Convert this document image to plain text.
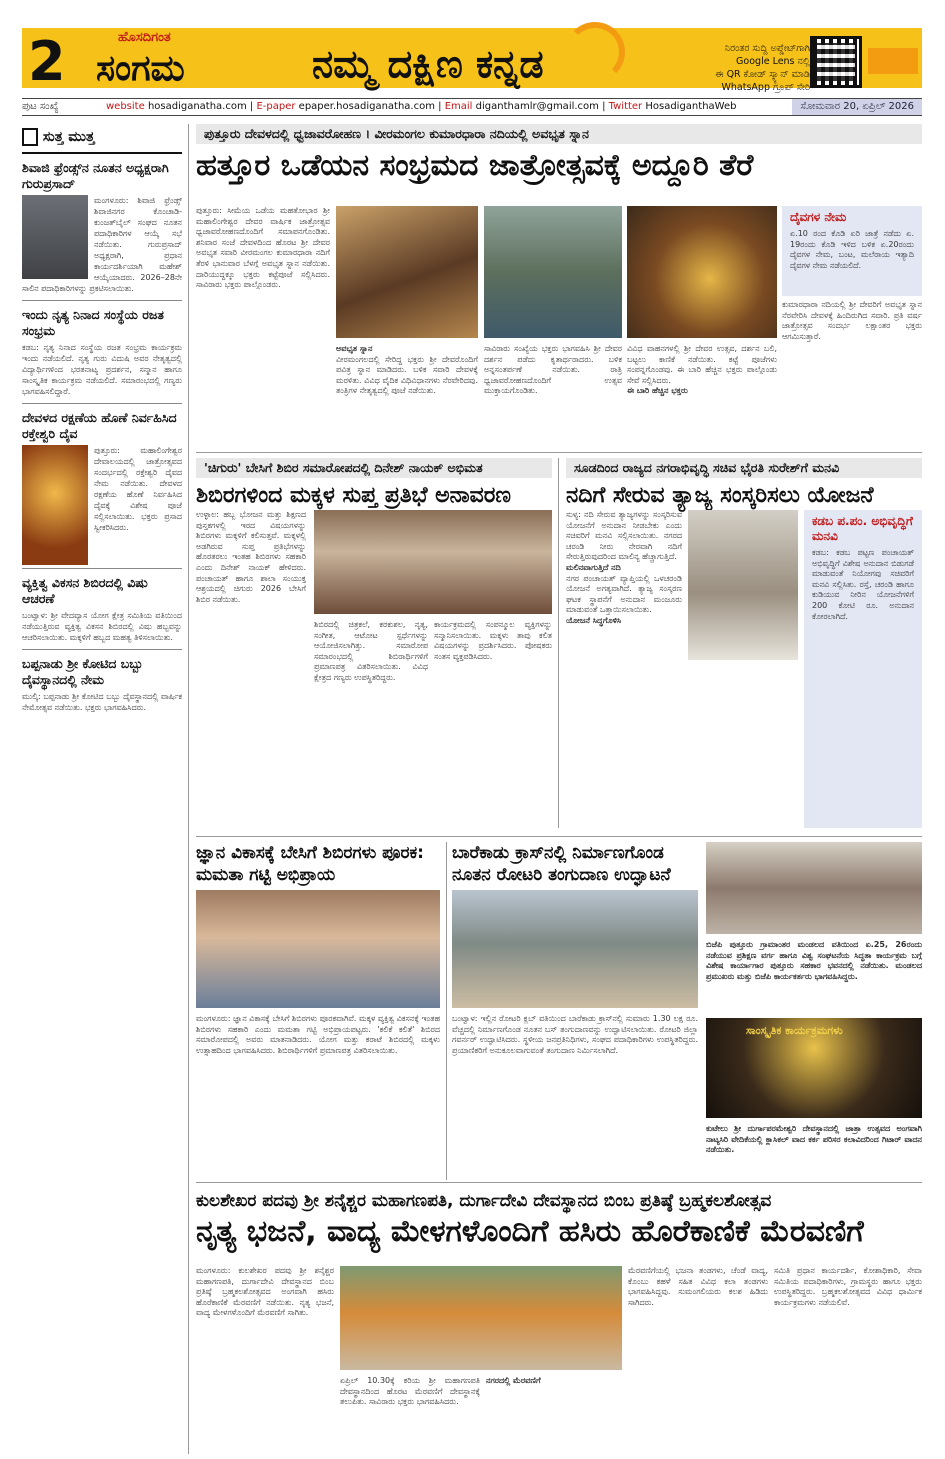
2	ಹೊಸದಿಗಂತ
ಸಂಗಮ	ನಮ್ಮ ದಕ್ಷಿಣ ಕನ್ನಡ	ನಿರಂತರ ಸುದ್ದಿ ಅಪ್ಡೇಟ್‌ಗಾಗಿ
Google Lens ನಲ್ಲಿ
ಈ QR ಕೋಡ್ ಸ್ಕ್ಯಾನ್ ಮಾಡಿ
WhatsApp ಗ್ರೂಪ್ ಸೇರಿ
ಪುಟ ಸಂಖ್ಯೆ	website hosadiganatha.com | E-paper epaper.hosadiganatha.com | Email diganthamlr@gmail.com | Twitter HosadiganthaWeb	ಸೋಮವಾರ 20, ಏಪ್ರಿಲ್ 2026
ಸುತ್ತ ಮುತ್ತ
ಶಿವಾಜಿ ಫ್ರೆಂಡ್ಸ್‌ನ ನೂತನ ಅಧ್ಯಕ್ಷರಾಗಿ ಗುರುಪ್ರಸಾದ್
ಮಂಗಳೂರು: ಶಿವಾಜಿ ಫ್ರೆಂಡ್ಸ್ ಶಿವಾಜಿನಗರ ಕೊಂಚಾಡಿ-ಕುಂಜತ್‌ಬೈಲ್ ಸಂಘದ ನೂತನ ಪದಾಧಿಕಾರಿಗಳ ಆಯ್ಕೆ ಸಭೆ ನಡೆಯಿತು. ಗುರುಪ್ರಸಾದ್ ಅಧ್ಯಕ್ಷರಾಗಿ, ಪ್ರಧಾನ ಕಾರ್ಯದರ್ಶಿಯಾಗಿ ಮಹೇಶ್ ಆಯ್ಕೆಯಾದರು. 2026–28ನೇ ಸಾಲಿನ ಪದಾಧಿಕಾರಿಗಳನ್ನು ಪ್ರಕಟಿಸಲಾಯಿತು.
ಇಂದು ನೃತ್ಯ ನಿನಾದ ಸಂಸ್ಥೆಯ ರಜತ ಸಂಭ್ರಮ
ಕಡಬ: ನೃತ್ಯ ನಿನಾದ ಸಂಸ್ಥೆಯ ರಜತ ಸಂಭ್ರಮ ಕಾರ್ಯಕ್ರಮ ಇಂದು ನಡೆಯಲಿದೆ. ನೃತ್ಯ ಗುರು ವಿದುಷಿ ಅವರ ನೇತೃತ್ವದಲ್ಲಿ ವಿದ್ಯಾರ್ಥಿಗಳಿಂದ ಭರತನಾಟ್ಯ ಪ್ರದರ್ಶನ, ಸನ್ಮಾನ ಹಾಗೂ ಸಾಂಸ್ಕೃತಿಕ ಕಾರ್ಯಕ್ರಮ ನಡೆಯಲಿದೆ. ಸಮಾರಂಭದಲ್ಲಿ ಗಣ್ಯರು ಭಾಗವಹಿಸಲಿದ್ದಾರೆ.
ದೇವಳದ ರಕ್ಷಣೆಯ ಹೊಣೆ ನಿರ್ವಹಿಸಿದ ರಕ್ತೇಶ್ವರಿ ದೈವ
ಪುತ್ತೂರು: ಮಹಾಲಿಂಗೇಶ್ವರ ದೇವಾಲಯದಲ್ಲಿ ಜಾತ್ರೋತ್ಸವದ ಸಂದರ್ಭದಲ್ಲಿ ರಕ್ತೇಶ್ವರಿ ದೈವದ ನೇಮ ನಡೆಯಿತು. ದೇವಳದ ರಕ್ಷಣೆಯ ಹೊಣೆ ನಿರ್ವಹಿಸಿದ ದೈವಕ್ಕೆ ವಿಶೇಷ ಪೂಜೆ ಸಲ್ಲಿಸಲಾಯಿತು. ಭಕ್ತರು ಪ್ರಸಾದ ಸ್ವೀಕರಿಸಿದರು.
ವ್ಯಕ್ತಿತ್ವ ವಿಕಸನ ಶಿಬಿರದಲ್ಲಿ ವಿಷು ಆಚರಣೆ
ಬಂಟ್ವಾಳ: ಶ್ರೀ ವೇದವ್ಯಾಸ ಯೋಗ ಕ್ಷೇತ್ರ ಸಮಿತಿಯ ವತಿಯಿಂದ ನಡೆಯುತ್ತಿರುವ ವ್ಯಕ್ತಿತ್ವ ವಿಕಸನ ಶಿಬಿರದಲ್ಲಿ ವಿಷು ಹಬ್ಬವನ್ನು ಆಚರಿಸಲಾಯಿತು. ಮಕ್ಕಳಿಗೆ ಹಬ್ಬದ ಮಹತ್ವ ತಿಳಿಸಲಾಯಿತು.
ಬಪ್ಪನಾಡು ಶ್ರೀ ಕೋಟಿದ ಬಬ್ಬು ದೈವಸ್ಥಾನದಲ್ಲಿ ನೇಮ
ಮುಲ್ಕಿ: ಬಪ್ಪನಾಡು ಶ್ರೀ ಕೋಟಿದ ಬಬ್ಬು ದೈವಸ್ಥಾನದಲ್ಲಿ ವಾರ್ಷಿಕ ನೇಮೋತ್ಸವ ನಡೆಯಿತು. ಭಕ್ತರು ಭಾಗವಹಿಸಿದರು.
ಪುತ್ತೂರು ದೇವಳದಲ್ಲಿ ಧ್ವಜಾವರೋಹಣ । ವೀರಮಂಗಲ ಕುಮಾರಧಾರಾ ನದಿಯಲ್ಲಿ ಅವಭೃತ ಸ್ನಾನ
ಹತ್ತೂರ ಒಡೆಯನ ಸಂಭ್ರಮದ ಜಾತ್ರೋತ್ಸವಕ್ಕೆ ಅದ್ದೂರಿ ತೆರೆ
ಪುತ್ತೂರು: ಸೀಮೆಯ ಒಡೆಯ ಮಹತೋಭಾರ ಶ್ರೀ ಮಹಾಲಿಂಗೇಶ್ವರ ದೇವರ ವಾರ್ಷಿಕ ಜಾತ್ರೋತ್ಸವ ಧ್ವಜಾವರೋಹಣದೊಂದಿಗೆ ಸಮಾಪನಗೊಂಡಿತು. ಶನಿವಾರ ಸಂಜೆ ದೇವಳದಿಂದ ಹೊರಟ ಶ್ರೀ ದೇವರ ಅವಭೃತ ಸವಾರಿ ವೀರಮಂಗಲ ಕುಮಾರಧಾರಾ ನದಿಗೆ ತೆರಳಿ ಭಾನುವಾರ ಬೆಳಗ್ಗೆ ಅವಭೃತ ಸ್ನಾನ ನಡೆಯಿತು. ದಾರಿಯುದ್ದಕ್ಕೂ ಭಕ್ತರು ಕಟ್ಟೆಪೂಜೆ ಸಲ್ಲಿಸಿದರು. ಸಾವಿರಾರು ಭಕ್ತರು ಪಾಲ್ಗೊಂಡರು.
ದೈವಗಳ ನೇಮ
ಏ.10 ರಂದ ಕೊಡಿ ಏರಿ ಜಾತ್ರೆ ನಡೆದು ಏ. 19ರಂದು ಕೊಡಿ ಇಳಿದ ಬಳಿಕ ಏ.20ರಂದು ದೈವಗಳ ನೇಮ, ಬಂಟ, ಮಲೆರಾಯ ಇತ್ಯಾದಿ ದೈವಗಳ ನೇಮ ನಡೆಯಲಿದೆ.
ಅವಭೃತ ಸ್ನಾನ
ವೀರಮಂಗಲದಲ್ಲಿ ಸೇರಿದ್ದ ಭಕ್ತರು ಶ್ರೀ ದೇವರೊಂದಿಗೆ ಪವಿತ್ರ ಸ್ನಾನ ಮಾಡಿದರು. ಬಳಿಕ ಸವಾರಿ ದೇವಳಕ್ಕೆ ಮರಳಿತು. ವಿವಿಧ ವೈದಿಕ ವಿಧಿವಿಧಾನಗಳು ನೆರವೇರಿದವು. ತಂತ್ರಿಗಳ ನೇತೃತ್ವದಲ್ಲಿ ಪೂಜೆ ನಡೆಯಿತು.
ಸಾವಿರಾರು ಸಂಖ್ಯೆಯ ಭಕ್ತರು ಭಾಗವಹಿಸಿ ಶ್ರೀ ದೇವರ ದರ್ಶನ ಪಡೆದು ಕೃತಾರ್ಥರಾದರು. ಬಳಿಕ ಅನ್ನಸಂತರ್ಪಣೆ ನಡೆಯಿತು. ರಾತ್ರಿ ಧ್ವಜಾವರೋಹಣದೊಂದಿಗೆ ಉತ್ಸವ ಮುಕ್ತಾಯಗೊಂಡಿತು.
ವಿವಿಧ ವಾಹನಗಳಲ್ಲಿ ಶ್ರೀ ದೇವರ ಉತ್ಸವ, ದರ್ಶನ ಬಲಿ, ಬಟ್ಟಲು ಕಾಣಿಕೆ ನಡೆಯಿತು. ಕಟ್ಟೆ ಪೂಜೆಗಳು ಸಂಪನ್ನಗೊಂಡವು. ಈ ಬಾರಿ ಹೆಚ್ಚಿನ ಭಕ್ತರು ಪಾಲ್ಗೊಂಡು ಸೇವೆ ಸಲ್ಲಿಸಿದರು.
ಈ ಬಾರಿ ಹೆಚ್ಚಿನ ಭಕ್ತರು
ಕುಮಾರಧಾರಾ ನದಿಯಲ್ಲಿ ಶ್ರೀ ದೇವರಿಗೆ ಅವಭೃತ ಸ್ನಾನ ನೆರವೇರಿಸಿ ದೇವಳಕ್ಕೆ ಹಿಂದಿರುಗಿದ ಸವಾರಿ. ಪ್ರತಿ ವರ್ಷ ಜಾತ್ರೋತ್ಸವ ಸಂದರ್ಭ ಲಕ್ಷಾಂತರ ಭಕ್ತರು ಆಗಮಿಸುತ್ತಾರೆ.
'ಚಿಗುರು' ಬೇಸಿಗೆ ಶಿಬಿರ ಸಮಾರೋಪದಲ್ಲಿ ದಿನೇಶ್ ನಾಯಕ್ ಅಭಿಮತ
ಶಿಬಿರಗಳಿಂದ ಮಕ್ಕಳ ಸುಪ್ತ ಪ್ರತಿಭೆ ಅನಾವರಣ
ಉಳ್ಳಾಲ: ಹಬ್ಬ ಭೋಜನ ಮತ್ತು ಶಿಕ್ಷಣದ ಪುಸ್ತಕಗಳಲ್ಲಿ ಇರದ ವಿಷಯಗಳನ್ನು ಶಿಬಿರಗಳು ಮಕ್ಕಳಿಗೆ ಕಲಿಸುತ್ತವೆ. ಮಕ್ಕಳಲ್ಲಿ ಅಡಗಿರುವ ಸುಪ್ತ ಪ್ರತಿಭೆಗಳನ್ನು ಹೊರತರಲು ಇಂತಹ ಶಿಬಿರಗಳು ಸಹಕಾರಿ ಎಂದು ದಿನೇಶ್ ನಾಯಕ್ ಹೇಳಿದರು. ಪಂಚಾಯತ್ ಹಾಗೂ ಶಾಲಾ ಸಂಯುಕ್ತ ಆಶ್ರಯದಲ್ಲಿ ಚಿಗುರು 2026 ಬೇಸಿಗೆ ಶಿಬಿರ ನಡೆಯಿತು.
ಶಿಬಿರದಲ್ಲಿ ಚಿತ್ರಕಲೆ, ಕರಕುಶಲ, ನೃತ್ಯ, ಸಂಗೀತ, ಆಟೋಟ ಸ್ಪರ್ಧೆಗಳನ್ನು ಆಯೋಜಿಸಲಾಗಿತ್ತು. ಸಮಾರೋಪ ಸಮಾರಂಭದಲ್ಲಿ ಶಿಬಿರಾರ್ಥಿಗಳಿಗೆ ಪ್ರಮಾಣಪತ್ರ ವಿತರಿಸಲಾಯಿತು. ವಿವಿಧ ಕ್ಷೇತ್ರದ ಗಣ್ಯರು ಉಪಸ್ಥಿತರಿದ್ದರು.
ಕಾರ್ಯಕ್ರಮದಲ್ಲಿ ಸಂಪನ್ಮೂಲ ವ್ಯಕ್ತಿಗಳನ್ನು ಸನ್ಮಾನಿಸಲಾಯಿತು. ಮಕ್ಕಳು ತಾವು ಕಲಿತ ವಿಷಯಗಳನ್ನು ಪ್ರದರ್ಶಿಸಿದರು. ಪೋಷಕರು ಸಂತಸ ವ್ಯಕ್ತಪಡಿಸಿದರು.
ಸೂಡದಿಂದ ರಾಜ್ಯದ ನಗರಾಭಿವೃದ್ಧಿ ಸಚಿವ ಭೈರತಿ ಸುರೇಶ್‌ಗೆ ಮನವಿ
ನದಿಗೆ ಸೇರುವ ತ್ಯಾಜ್ಯ ಸಂಸ್ಕರಿಸಲು ಯೋಜನೆ
ಸುಳ್ಯ: ನದಿ ಸೇರುವ ತ್ಯಾಜ್ಯಗಳನ್ನು ಸಂಸ್ಕರಿಸುವ ಯೋಜನೆಗೆ ಅನುದಾನ ನೀಡಬೇಕು ಎಂದು ಸಚಿವರಿಗೆ ಮನವಿ ಸಲ್ಲಿಸಲಾಯಿತು. ನಗರದ ಚರಂಡಿ ನೀರು ನೇರವಾಗಿ ನದಿಗೆ ಸೇರುತ್ತಿರುವುದರಿಂದ ಮಾಲಿನ್ಯ ಹೆಚ್ಚಾಗುತ್ತಿದೆ.
ಮಲಿನವಾಗುತ್ತಿದೆ ನದಿ
ನಗರ ಪಂಚಾಯತ್ ವ್ಯಾಪ್ತಿಯಲ್ಲಿ ಒಳಚರಂಡಿ ಯೋಜನೆ ಅಗತ್ಯವಾಗಿದೆ. ತ್ಯಾಜ್ಯ ಸಂಸ್ಕರಣ ಘಟಕ ಸ್ಥಾಪನೆಗೆ ಅನುದಾನ ಮಂಜೂರು ಮಾಡುವಂತೆ ಒತ್ತಾಯಿಸಲಾಯಿತು.
ಯೋಜನೆ ಸಿದ್ಧಗೊಳಿಸಿ
ಕಡಬ ಪ.ಪಂ. ಅಭಿವೃದ್ಧಿಗೆ ಮನವಿ
ಕಡಬ: ಕಡಬ ಪಟ್ಟಣ ಪಂಚಾಯತ್ ಅಭಿವೃದ್ಧಿಗೆ ವಿಶೇಷ ಅನುದಾನ ಬಿಡುಗಡೆ ಮಾಡುವಂತೆ ನಿಯೋಗವು ಸಚಿವರಿಗೆ ಮನವಿ ಸಲ್ಲಿಸಿತು. ರಸ್ತೆ, ಚರಂಡಿ ಹಾಗೂ ಕುಡಿಯುವ ನೀರಿನ ಯೋಜನೆಗಳಿಗೆ 200 ಕೋಟಿ ರೂ. ಅನುದಾನ ಕೋರಲಾಗಿದೆ.
ಜ್ಞಾನ ವಿಕಾಸಕ್ಕೆ ಬೇಸಿಗೆ ಶಿಬಿರಗಳು ಪೂರಕ: ಮಮತಾ ಗಟ್ಟಿ ಅಭಿಪ್ರಾಯ
ಮಂಗಳೂರು: ಜ್ಞಾನ ವಿಕಾಸಕ್ಕೆ ಬೇಸಿಗೆ ಶಿಬಿರಗಳು ಪೂರಕವಾಗಿವೆ. ಮಕ್ಕಳ ವ್ಯಕ್ತಿತ್ವ ವಿಕಸನಕ್ಕೆ ಇಂತಹ ಶಿಬಿರಗಳು ಸಹಕಾರಿ ಎಂದು ಮಮತಾ ಗಟ್ಟಿ ಅಭಿಪ್ರಾಯಪಟ್ಟರು. 'ಕಲಿಕೆ ಕಲಿತೆ' ಶಿಬಿರದ ಸಮಾರೋಪದಲ್ಲಿ ಅವರು ಮಾತನಾಡಿದರು. ಯೋಗ ಮತ್ತು ಕರಾಟೆ ಶಿಬಿರದಲ್ಲಿ ಮಕ್ಕಳು ಉತ್ಸಾಹದಿಂದ ಭಾಗವಹಿಸಿದರು. ಶಿಬಿರಾರ್ಥಿಗಳಿಗೆ ಪ್ರಮಾಣಪತ್ರ ವಿತರಿಸಲಾಯಿತು.
ಬಾರೆಕಾಡು ಕ್ರಾಸ್‌ನಲ್ಲಿ ನಿರ್ಮಾಣಗೊಂಡ ನೂತನ ರೋಟರಿ ತಂಗುದಾಣ ಉದ್ಘಾಟನೆ
ಬಂಟ್ವಾಳ: ಇಲ್ಲಿನ ರೋಟರಿ ಕ್ಲಬ್ ವತಿಯಿಂದ ಬಾರೆಕಾಡು ಕ್ರಾಸ್‌ನಲ್ಲಿ ಸುಮಾರು 1.30 ಲಕ್ಷ ರೂ. ವೆಚ್ಚದಲ್ಲಿ ನಿರ್ಮಾಣಗೊಂಡ ನೂತನ ಬಸ್ ತಂಗುದಾಣವನ್ನು ಉದ್ಘಾಟಿಸಲಾಯಿತು. ರೋಟರಿ ಜಿಲ್ಲಾ ಗವರ್ನರ್ ಉದ್ಘಾಟಿಸಿದರು. ಸ್ಥಳೀಯ ಜನಪ್ರತಿನಿಧಿಗಳು, ಸಂಘದ ಪದಾಧಿಕಾರಿಗಳು ಉಪಸ್ಥಿತರಿದ್ದರು. ಪ್ರಯಾಣಿಕರಿಗೆ ಅನುಕೂಲವಾಗುವಂತೆ ತಂಗುದಾಣ ನಿರ್ಮಿಸಲಾಗಿದೆ.
ಬಿಜೆಪಿ ಪುತ್ತೂರು ಗ್ರಾಮಾಂತರ ಮಂಡಲದ ವತಿಯಿಂದ ಏ.25, 26ರಂದು ನಡೆಯುವ ಪ್ರಶಿಕ್ಷಣ ವರ್ಗ ಹಾಗೂ ವಿಶ್ವ ಸಂಘಟನೆಯ ಸಿದ್ಧತಾ ಕಾರ್ಯಕ್ರಮ ಬಗ್ಗೆ ವಿಶೇಷ ಕಾರ್ಯಾಗಾರ ಪುತ್ತೂರು ಸಹಕಾರ ಭವನದಲ್ಲಿ ನಡೆಯಿತು. ಮಂಡಲದ ಪ್ರಮುಖರು ಮತ್ತು ಬಿಜೆಪಿ ಕಾರ್ಯಕರ್ತರು ಭಾಗವಹಿಸಿದ್ದರು.
ಸಾಂಸ್ಕೃತಿಕ ಕಾರ್ಯಕ್ರಮಗಳು
ಕುಟೇಲು ಶ್ರೀ ದುರ್ಗಾಪರಮೇಶ್ವರಿ ದೇವಸ್ಥಾನದಲ್ಲಿ ಜಾತ್ರಾ ಉತ್ಸವದ ಅಂಗವಾಗಿ ನಾಟ್ಯಸಿರಿ ವೇದಿಕೆಯಲ್ಲಿ ಕ್ಲಾಸಿಕಲ್ ವಾದ ಕರ್ಕ ಪರಿಸರ ಕಲಾವಿದರಿಂದ ಗಿಟಾರ್ ವಾದನ ನಡೆಯಿತು.
ಕುಲಶೇಖರ ಪದವು ಶ್ರೀ ಶನೈಶ್ಚರ ಮಹಾಗಣಪತಿ, ದುರ್ಗಾದೇವಿ ದೇವಸ್ಥಾನದ ಬಿಂಬ ಪ್ರತಿಷ್ಠೆ ಬ್ರಹ್ಮಕಲಶೋತ್ಸವ
ನೃತ್ಯ ಭಜನೆ, ವಾದ್ಯ ಮೇಳಗಳೊಂದಿಗೆ ಹಸಿರು ಹೊರೆಕಾಣಿಕೆ ಮೆರವಣಿಗೆ
ಮಂಗಳೂರು: ಕುಲಶೇಖರ ಪದವು ಶ್ರೀ ಶನೈಶ್ಚರ ಮಹಾಗಣಪತಿ, ದುರ್ಗಾದೇವಿ ದೇವಸ್ಥಾನದ ಬಿಂಬ ಪ್ರತಿಷ್ಠೆ ಬ್ರಹ್ಮಕಲಶೋತ್ಸವದ ಅಂಗವಾಗಿ ಹಸಿರು ಹೊರೆಕಾಣಿಕೆ ಮೆರವಣಿಗೆ ನಡೆಯಿತು. ನೃತ್ಯ ಭಜನೆ, ವಾದ್ಯ ಮೇಳಗಳೊಂದಿಗೆ ಮೆರವಣಿಗೆ ಸಾಗಿತು.
ಏಪ್ರಿಲ್ 10.30ಕ್ಕೆ ಕರಿಯ ಶ್ರೀ ಮಹಾಗಣಪತಿ ದೇವಸ್ಥಾನದಿಂದ ಹೊರಟ ಮೆರವಣಿಗೆ ದೇವಸ್ಥಾನಕ್ಕೆ ತಲುಪಿತು. ಸಾವಿರಾರು ಭಕ್ತರು ಭಾಗವಹಿಸಿದರು.
ನಗರದಲ್ಲಿ ಮೆರವಣಿಗೆ
ಮೆರವಣಿಗೆಯಲ್ಲಿ ಭಜನಾ ತಂಡಗಳು, ಚೆಂಡೆ ವಾದ್ಯ, ಕೊಂಬು ಕಹಳೆ ಸಹಿತ ವಿವಿಧ ಕಲಾ ತಂಡಗಳು ಭಾಗವಹಿಸಿದ್ದವು. ಸುಮಂಗಲಿಯರು ಕಲಶ ಹಿಡಿದು ಸಾಗಿದರು.
ಸಮಿತಿ ಪ್ರಧಾನ ಕಾರ್ಯದರ್ಶಿ, ಕೋಶಾಧಿಕಾರಿ, ಸೇವಾ ಸಮಿತಿಯ ಪದಾಧಿಕಾರಿಗಳು, ಗ್ರಾಮಸ್ಥರು ಹಾಗೂ ಭಕ್ತರು ಉಪಸ್ಥಿತರಿದ್ದರು. ಬ್ರಹ್ಮಕಲಶೋತ್ಸವದ ವಿವಿಧ ಧಾರ್ಮಿಕ ಕಾರ್ಯಕ್ರಮಗಳು ನಡೆಯಲಿವೆ.
